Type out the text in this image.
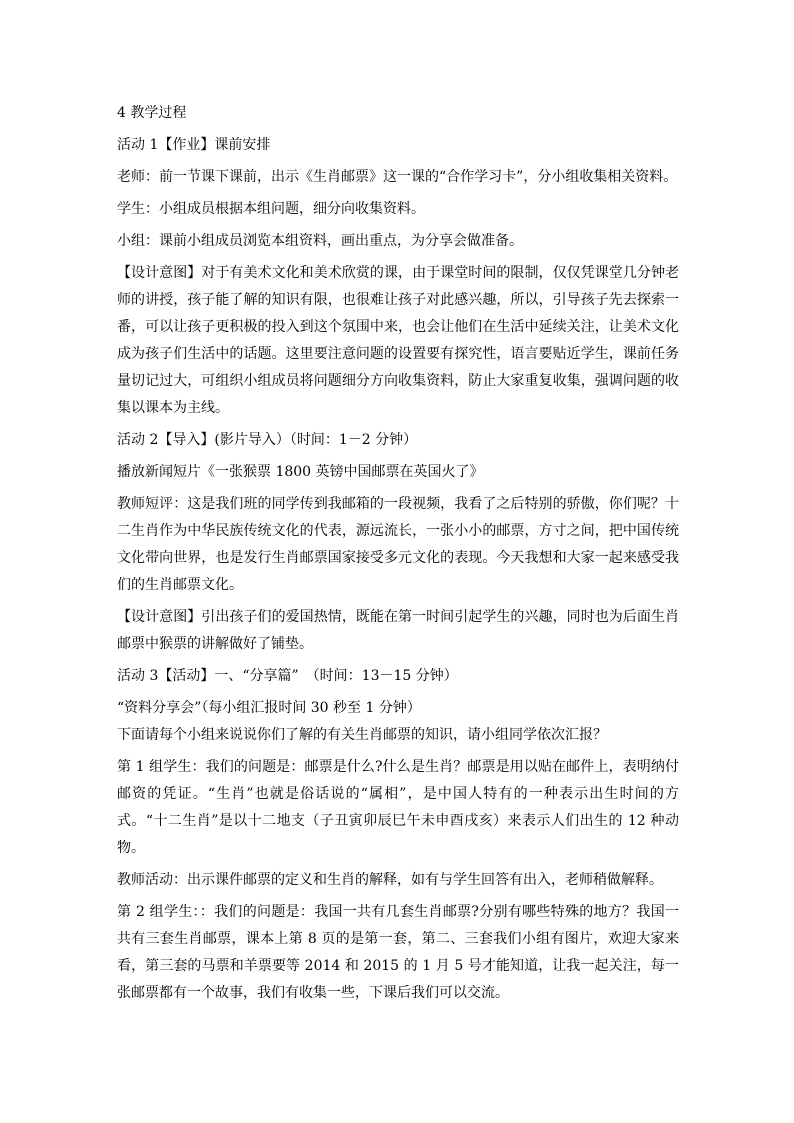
4 教学过程

活动 1【作业】课前安排

老师：前一节课下课前，出示《生肖邮票》这一课的“合作学习卡”，分小组收集相关资料。

学生：小组成员根据本组问题，细分向收集资料。

小组：课前小组成员浏览本组资料，画出重点，为分享会做准备。

【设计意图】对于有美术文化和美术欣赏的课，由于课堂时间的限制，仅仅凭课堂几分钟老师的讲授，孩子能了解的知识有限，也很难让孩子对此感兴趣，所以，引导孩子先去探索一番，可以让孩子更积极的投入到这个氛围中来，也会让他们在生活中延续关注，让美术文化成为孩子们生活中的话题。这里要注意问题的设置要有探究性，语言要贴近学生，课前任务量切记过大，可组织小组成员将问题细分方向收集资料，防止大家重复收集，强调问题的收集以课本为主线。

活动 2【导入】(影片导入）（时间：1－2 分钟）

播放新闻短片《一张猴票 1800 英镑中国邮票在英国火了》

教师短评：这是我们班的同学传到我邮箱的一段视频，我看了之后特别的骄傲，你们呢？十二生肖作为中华民族传统文化的代表，源远流长，一张小小的邮票，方寸之间，把中国传统文化带向世界，也是发行生肖邮票国家接受多元文化的表现。今天我想和大家一起来感受我们的生肖邮票文化。

【设计意图】引出孩子们的爱国热情，既能在第一时间引起学生的兴趣，同时也为后面生肖邮票中猴票的讲解做好了铺垫。

活动 3【活动】一、“分享篇”　（时间：13－15 分钟）

“资料分享会”（每小组汇报时间 30 秒至 1 分钟）

下面请每个小组来说说你们了解的有关生肖邮票的知识，请小组同学依次汇报？

第 1 组学生：我们的问题是：邮票是什么?什么是生肖？邮票是用以贴在邮件上，表明纳付邮资的凭证。“生肖”也就是俗话说的“属相”，是中国人特有的一种表示出生时间的方式。“十二生肖”是以十二地支（子丑寅卯辰巳午未申酉戌亥）来表示人们出生的 12 种动物。

教师活动：出示课件邮票的定义和生肖的解释，如有与学生回答有出入，老师稍做解释。

第 2 组学生：：我们的问题是：我国一共有几套生肖邮票?分别有哪些特殊的地方？我国一共有三套生肖邮票，课本上第 8 页的是第一套，第二、三套我们小组有图片，欢迎大家来看，第三套的马票和羊票要等 2014 和 2015 的 1 月 5 号才能知道，让我一起关注，每一张邮票都有一个故事，我们有收集一些，下课后我们可以交流。
